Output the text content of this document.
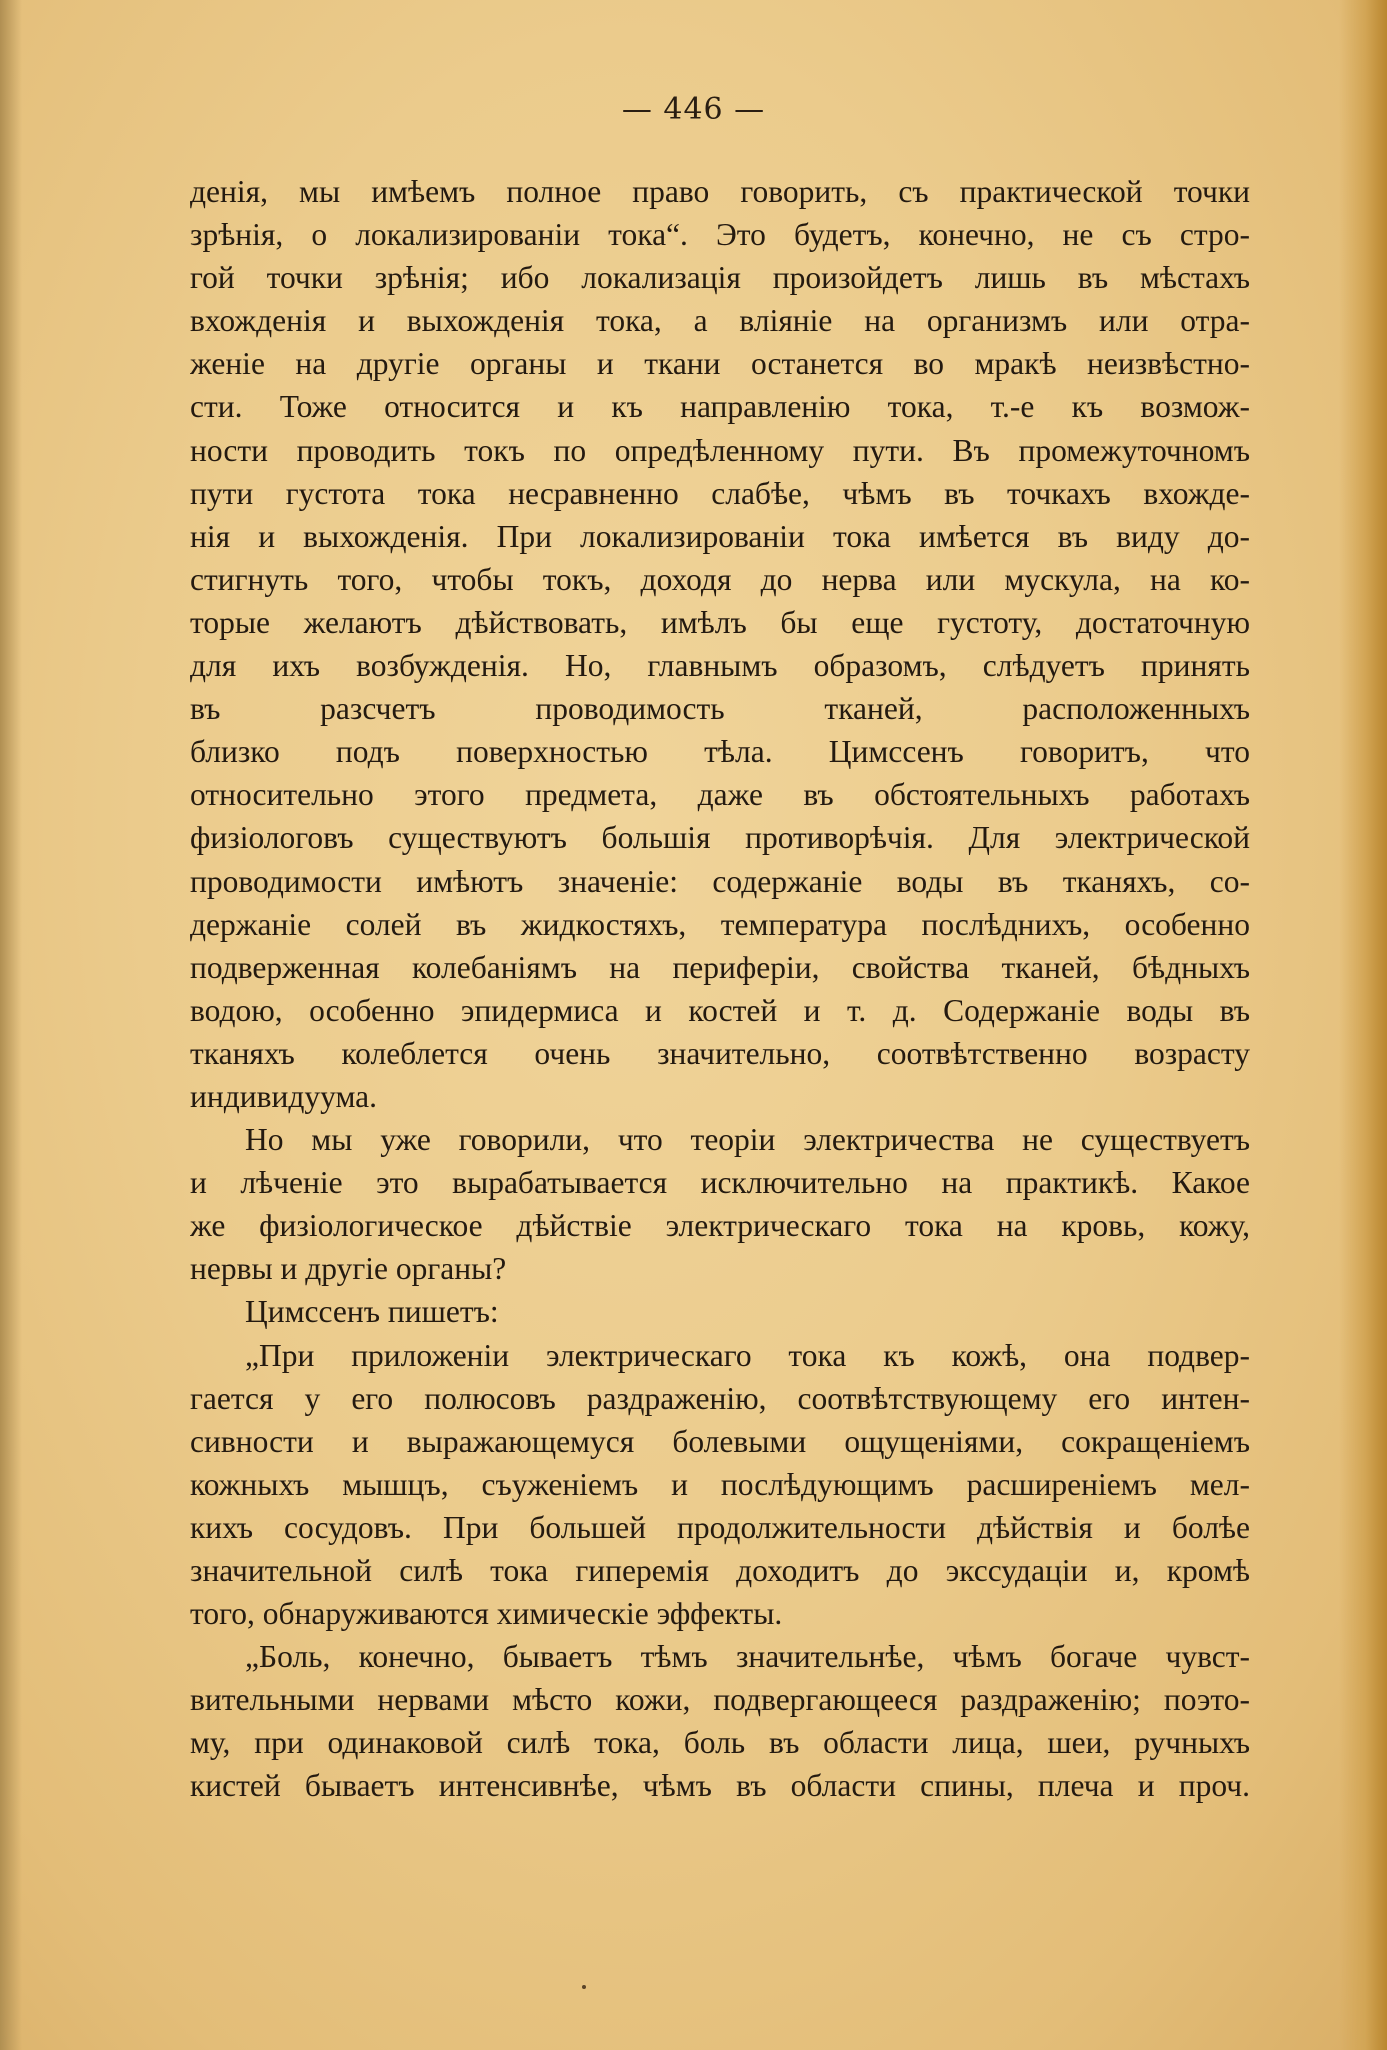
— 446 —
денія, мы имѣемъ полное право говорить, съ практической точки
зрѣнія, о локализированіи тока“. Это будетъ, конечно, не съ стро-
гой точки зрѣнія; ибо локализація произойдетъ лишь въ мѣстахъ
вхожденія и выхожденія тока, а вліяніе на организмъ или отра-
женіе на другіе органы и ткани останется во мракѣ неизвѣстно-
сти. Тоже относится и къ направленію тока, т.-е къ возмож-
ности проводить токъ по опредѣленному пути. Въ промежуточномъ
пути густота тока несравненно слабѣе, чѣмъ въ точкахъ вхожде-
нія и выхожденія. При локализированіи тока имѣется въ виду до-
стигнуть того, чтобы токъ, доходя до нерва или мускула, на ко-
торые желаютъ дѣйствовать, имѣлъ бы еще густоту, достаточную
для ихъ возбужденія. Но, главнымъ образомъ, слѣдуетъ принять
въ разсчетъ проводимость тканей, расположенныхъ
близко подъ поверхностью тѣла. Цимссенъ говоритъ, что
относительно этого предмета, даже въ обстоятельныхъ работахъ
физіологовъ существуютъ большія противорѣчія. Для электрической
проводимости имѣютъ значеніе: содержаніе воды въ тканяхъ, со-
держаніе солей въ жидкостяхъ, температура послѣднихъ, особенно
подверженная колебаніямъ на периферіи, свойства тканей, бѣдныхъ
водою, особенно эпидермиса и костей и т. д. Содержаніе воды въ
тканяхъ колеблется очень значительно, соотвѣтственно возрасту
индивидуума.
Но мы уже говорили, что теоріи электричества не существуетъ
и лѣченіе это вырабатывается исключительно на практикѣ. Какое
же физіологическое дѣйствіе электрическаго тока на кровь, кожу,
нервы и другіе органы?
Цимссенъ пишетъ:
„При приложеніи электрическаго тока къ кожѣ, она подвер-
гается у его полюсовъ раздраженію, соотвѣтствующему его интен-
сивности и выражающемуся болевыми ощущеніями, сокращеніемъ
кожныхъ мышцъ, съуженіемъ и послѣдующимъ расширеніемъ мел-
кихъ сосудовъ. При большей продолжительности дѣйствія и болѣе
значительной силѣ тока гиперемія доходитъ до экссудаціи и, кромѣ
того, обнаруживаются химическіе эффекты.
„Боль, конечно, бываетъ тѣмъ значительнѣе, чѣмъ богаче чувст-
вительными нервами мѣсто кожи, подвергающееся раздраженію; поэто-
му, при одинаковой силѣ тока, боль въ области лица, шеи, ручныхъ
кистей бываетъ интенсивнѣе, чѣмъ въ области спины, плеча и проч.
